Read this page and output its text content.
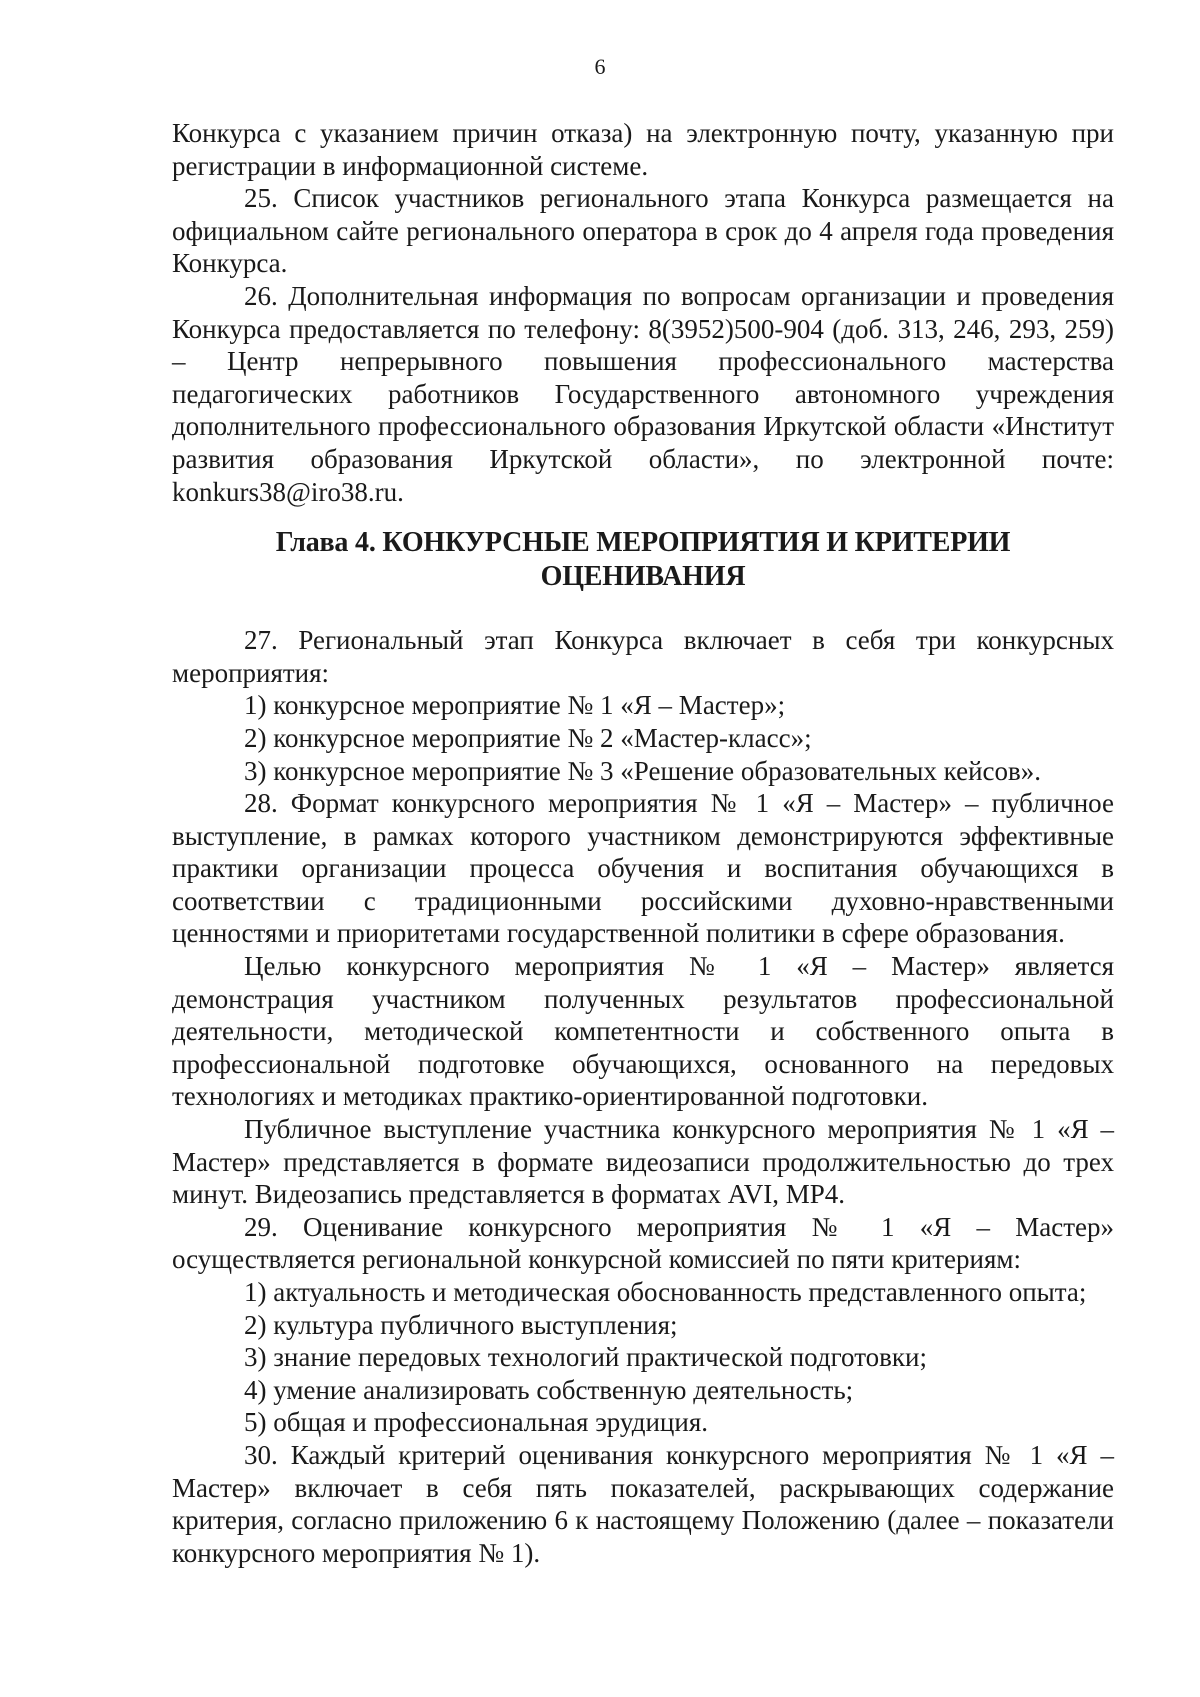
6

Конкурса с указанием причин отказа) на электронную почту, указанную при регистрации в информационной системе.

25. Список участников регионального этапа Конкурса размещается на официальном сайте регионального оператора в срок до 4 апреля года проведения Конкурса.

26. Дополнительная информация по вопросам организации и проведения Конкурса предоставляется по телефону: 8(3952)500-904 (доб. 313, 246, 293, 259) – Центр непрерывного повышения профессионального мастерства педагогических работников Государственного автономного учреждения дополнительного профессионального образования Иркутской области «Институт развития образования Иркутской области», по электронной почте: konkurs38@iro38.ru.

Глава 4. КОНКУРСНЫЕ МЕРОПРИЯТИЯ И КРИТЕРИИ ОЦЕНИВАНИЯ

27. Региональный этап Конкурса включает в себя три конкурсных мероприятия:

1) конкурсное мероприятие № 1 «Я – Мастер»;

2) конкурсное мероприятие № 2 «Мастер-класс»;

3) конкурсное мероприятие № 3 «Решение образовательных кейсов».

28. Формат конкурсного мероприятия № 1 «Я – Мастер» – публичное выступление, в рамках которого участником демонстрируются эффективные практики организации процесса обучения и воспитания обучающихся в соответствии с традиционными российскими духовно-нравственными ценностями и приоритетами государственной политики в сфере образования.

Целью конкурсного мероприятия № 1 «Я – Мастер» является демонстрация участником полученных результатов профессиональной деятельности, методической компетентности и собственного опыта в профессиональной подготовке обучающихся, основанного на передовых технологиях и методиках практико-ориентированной подготовки.

Публичное выступление участника конкурсного мероприятия № 1 «Я – Мастер» представляется в формате видеозаписи продолжительностью до трех минут. Видеозапись представляется в форматах AVI, MP4.

29. Оценивание конкурсного мероприятия № 1 «Я – Мастер» осуществляется региональной конкурсной комиссией по пяти критериям:

1) актуальность и методическая обоснованность представленного опыта;

2) культура публичного выступления;

3) знание передовых технологий практической подготовки;

4) умение анализировать собственную деятельность;

5) общая и профессиональная эрудиция.

30. Каждый критерий оценивания конкурсного мероприятия № 1 «Я – Мастер» включает в себя пять показателей, раскрывающих содержание критерия, согласно приложению 6 к настоящему Положению (далее – показатели конкурсного мероприятия № 1).
